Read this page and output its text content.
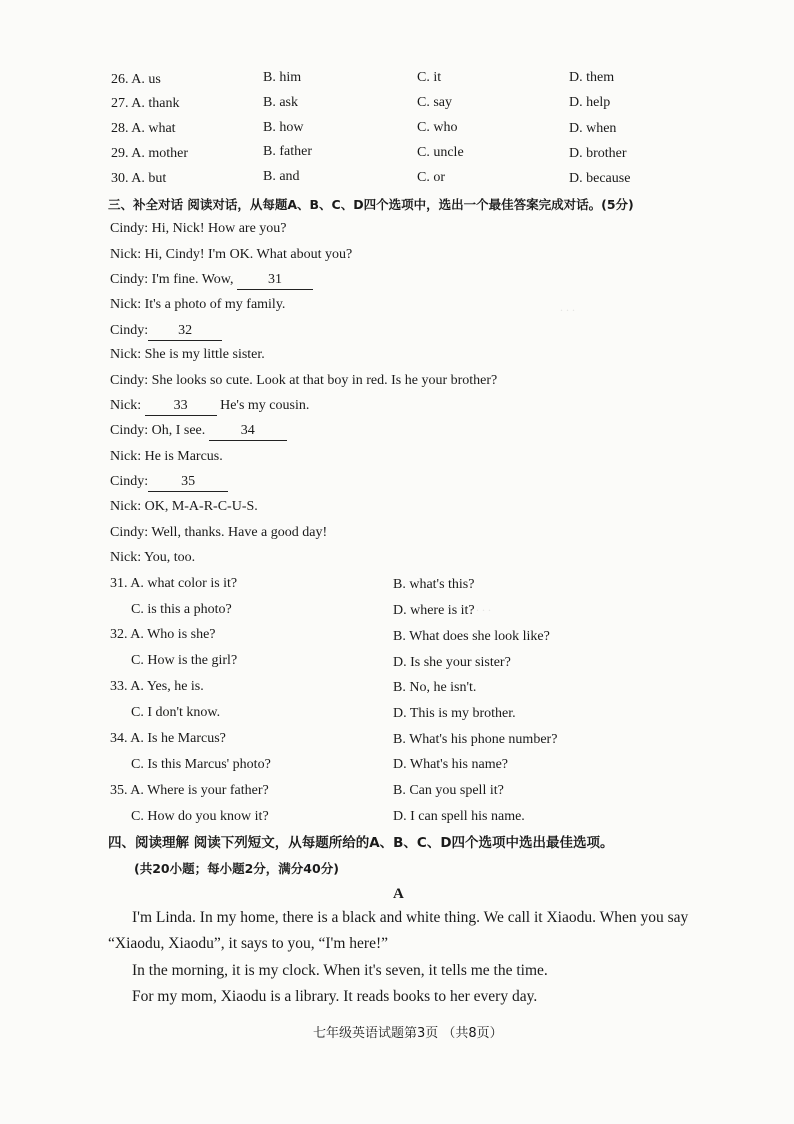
. . .
. . . .
26. A. us	B. him	C. it	D. them
27. A. thank	B. ask	C. say	D. help
28. A. what	B. how	C. who	D. when
29. A. mother	B. father	C. uncle	D. brother
30. A. but	B. and	C. or	D. because
三、补全对话 阅读对话，从每题A、B、C、D四个选项中，选出一个最佳答案完成对话。(5分)
Cindy: Hi, Nick! How are you?
Nick: Hi, Cindy! I'm OK. What about you?
Cindy: I'm fine. Wow, 31
Nick: It's a photo of my family.
Cindy: 32
Nick: She is my little sister.
Cindy: She looks so cute. Look at that boy in red. Is he your brother?
Nick: 33 He's my cousin.
Cindy: Oh, I see. 34
Nick: He is Marcus.
Cindy: 35
Nick: OK, M-A-R-C-U-S.
Cindy: Well, thanks. Have a good day!
Nick: You, too.
31. A. what color is it?	B. what's this?
C. is this a photo?	D. where is it?
32. A. Who is she?	B. What does she look like?
C. How is the girl?	D. Is she your sister?
33. A. Yes, he is.	B. No, he isn't.
C. I don't know.	D. This is my brother.
34. A. Is he Marcus?	B. What's his phone number?
C. Is this Marcus' photo?	D. What's his name?
35. A. Where is your father?	B. Can you spell it?
C. How do you know it?	D. I can spell his name.
四、阅读理解 阅读下列短文，从每题所给的A、B、C、D四个选项中选出最佳选项。
(共20小题；每小题2分，满分40分)
A
I'm Linda. In my home, there is a black and white thing. We call it Xiaodu. When you say
“Xiaodu, Xiaodu”, it says to you, “I'm here!”
In the morning, it is my clock. When it's seven, it tells me the time.
For my mom, Xiaodu is a library. It reads books to her every day.
七年级英语试题第3页 （共8页）
